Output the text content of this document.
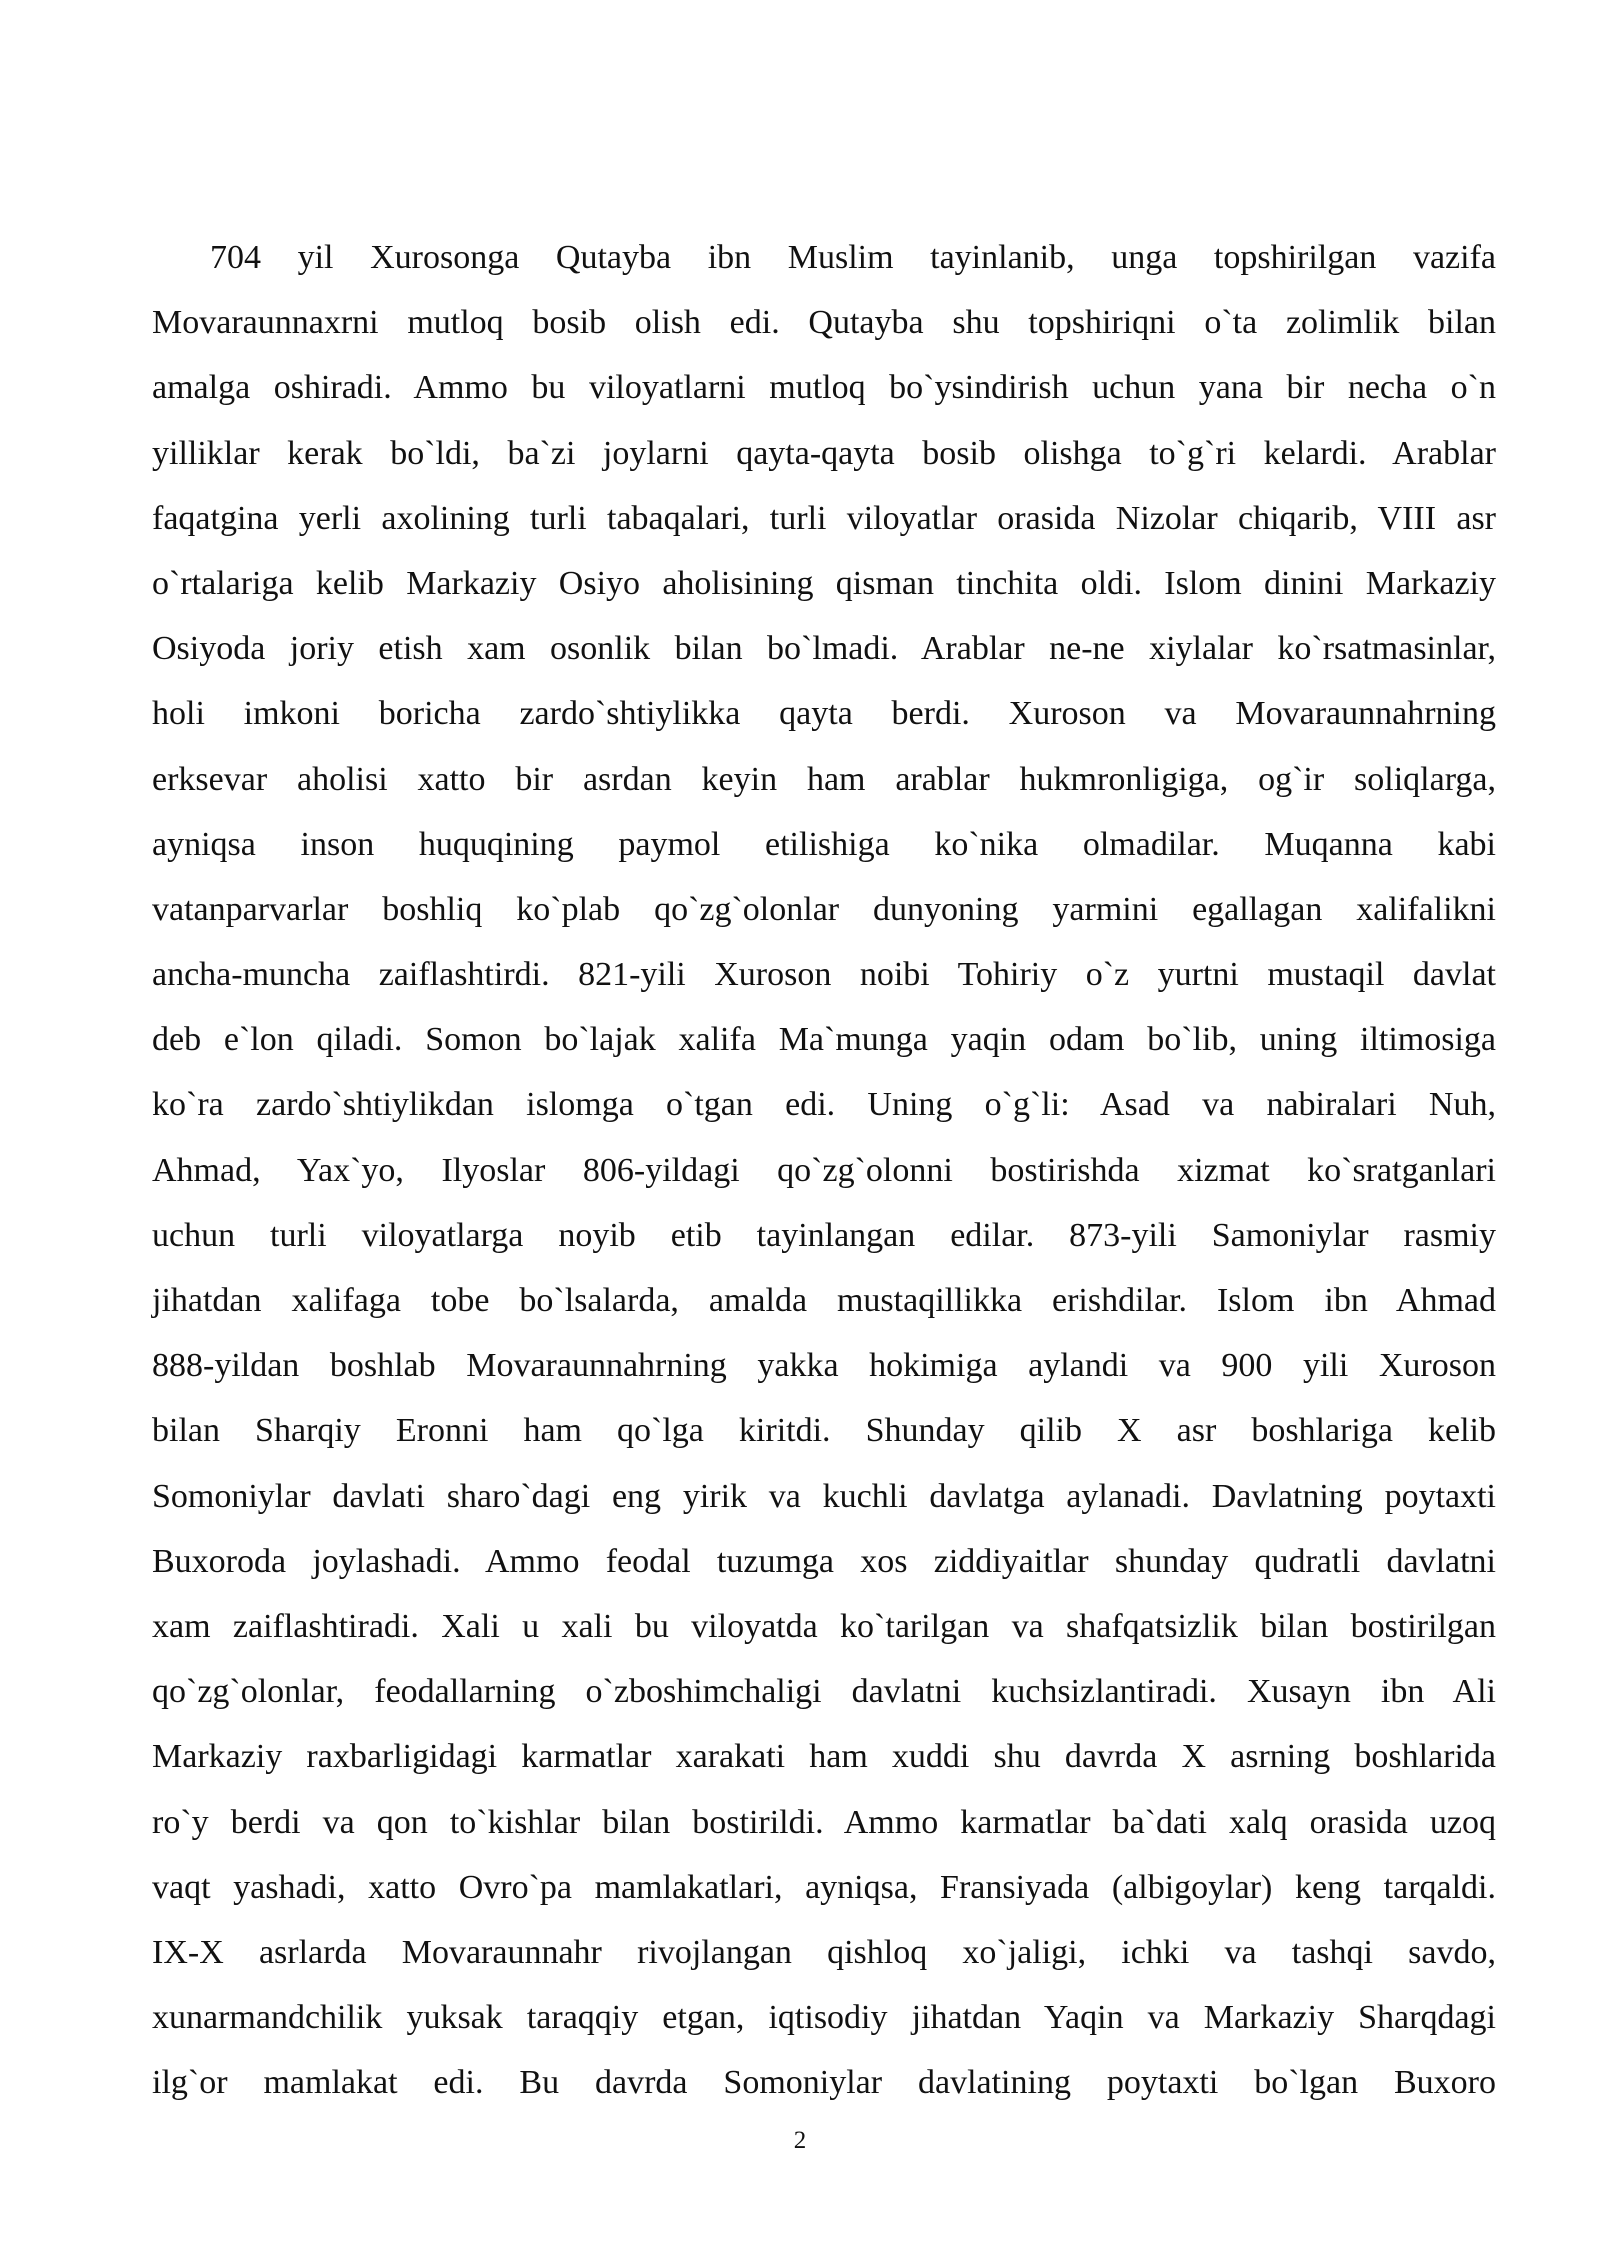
704 yil Xurosonga Qutayba ibn Muslim tayinlanib, unga topshirilgan vazifa
Movaraunnaxrni mutloq bosib olish edi. Qutayba shu topshiriqni o`ta zolimlik bilan
amalga oshiradi. Ammo bu viloyatlarni mutloq bo`ysindirish uchun yana bir necha o`n
yilliklar kerak bo`ldi, ba`zi joylarni qayta-qayta bosib olishga to`g`ri kelardi. Arablar
faqatgina yerli axolining turli tabaqalari, turli viloyatlar orasida Nizolar chiqarib, VIII asr
o`rtalariga kelib Markaziy Osiyo aholisining qisman tinchita oldi. Islom dinini Markaziy
Osiyoda joriy etish xam osonlik bilan bo`lmadi. Arablar ne-ne xiylalar ko`rsatmasinlar,
holi imkoni boricha zardo`shtiylikka qayta berdi. Xuroson va Movaraunnahrning
erksevar aholisi xatto bir asrdan keyin ham arablar hukmronligiga, og`ir soliqlarga,
ayniqsa inson huquqining paymol etilishiga ko`nika olmadilar. Muqanna kabi
vatanparvarlar boshliq ko`plab qo`zg`olonlar dunyoning yarmini egallagan xalifalikni
ancha-muncha zaiflashtirdi. 821-yili Xuroson noibi Tohiriy o`z yurtni mustaqil davlat
deb e`lon qiladi. Somon bo`lajak xalifa Ma`munga yaqin odam bo`lib, uning iltimosiga
ko`ra zardo`shtiylikdan islomga o`tgan edi. Uning o`g`li: Asad va nabiralari Nuh,
Ahmad, Yax`yo, Ilyoslar 806-yildagi qo`zg`olonni bostirishda xizmat ko`sratganlari
uchun turli viloyatlarga noyib etib tayinlangan edilar. 873-yili Samoniylar rasmiy
jihatdan xalifaga tobe bo`lsalarda, amalda mustaqillikka erishdilar. Islom ibn Ahmad
888-yildan boshlab Movaraunnahrning yakka hokimiga aylandi va 900 yili Xuroson
bilan Sharqiy Eronni ham qo`lga kiritdi. Shunday qilib X asr boshlariga kelib
Somoniylar davlati sharo`dagi eng yirik va kuchli davlatga aylanadi. Davlatning poytaxti
Buxoroda joylashadi. Ammo feodal tuzumga xos ziddiyaitlar shunday qudratli davlatni
xam zaiflashtiradi. Xali u xali bu viloyatda ko`tarilgan va shafqatsizlik bilan bostirilgan
qo`zg`olonlar, feodallarning o`zboshimchaligi davlatni kuchsizlantiradi. Xusayn ibn Ali
Markaziy raxbarligidagi karmatlar xarakati ham xuddi shu davrda X asrning boshlarida
ro`y berdi va qon to`kishlar bilan bostirildi. Ammo karmatlar ba`dati xalq orasida uzoq
vaqt yashadi, xatto Ovro`pa mamlakatlari, ayniqsa, Fransiyada (albigoylar) keng tarqaldi.
IX-X asrlarda Movaraunnahr rivojlangan qishloq xo`jaligi, ichki va tashqi savdo,
xunarmandchilik yuksak taraqqiy etgan, iqtisodiy jihatdan Yaqin va Markaziy Sharqdagi
ilg`or mamlakat edi. Bu davrda Somoniylar davlatining poytaxti bo`lgan Buxoro
2
